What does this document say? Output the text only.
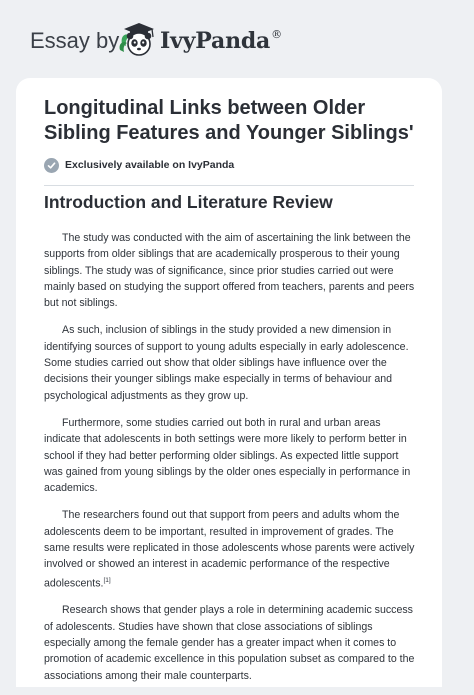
Essay by IvyPanda®
Longitudinal Links between Older Sibling Features and Younger Siblings'
Exclusively available on IvyPanda
Introduction and Literature Review

The study was conducted with the aim of ascertaining the link between the supports from older siblings that are academically prosperous to their young siblings. The study was of significance, since prior studies carried out were mainly based on studying the support offered from teachers, parents and peers but not siblings.

As such, inclusion of siblings in the study provided a new dimension in identifying sources of support to young adults especially in early adolescence. Some studies carried out show that older siblings have influence over the decisions their younger siblings make especially in terms of behaviour and psychological adjustments as they grow up.

Furthermore, some studies carried out both in rural and urban areas indicate that adolescents in both settings were more likely to perform better in school if they had better performing older siblings. As expected little support was gained from young siblings by the older ones especially in performance in academics.

The researchers found out that support from peers and adults whom the adolescents deem to be important, resulted in improvement of grades. The same results were replicated in those adolescents whose parents were actively involved or showed an interest in academic performance of the respective adolescents.[1]

Research shows that gender plays a role in determining academic success of adolescents. Studies have shown that close associations of siblings especially among the female gender has a greater impact when it comes to promotion of academic excellence in this population subset as compared to the associations among their male counterparts.
